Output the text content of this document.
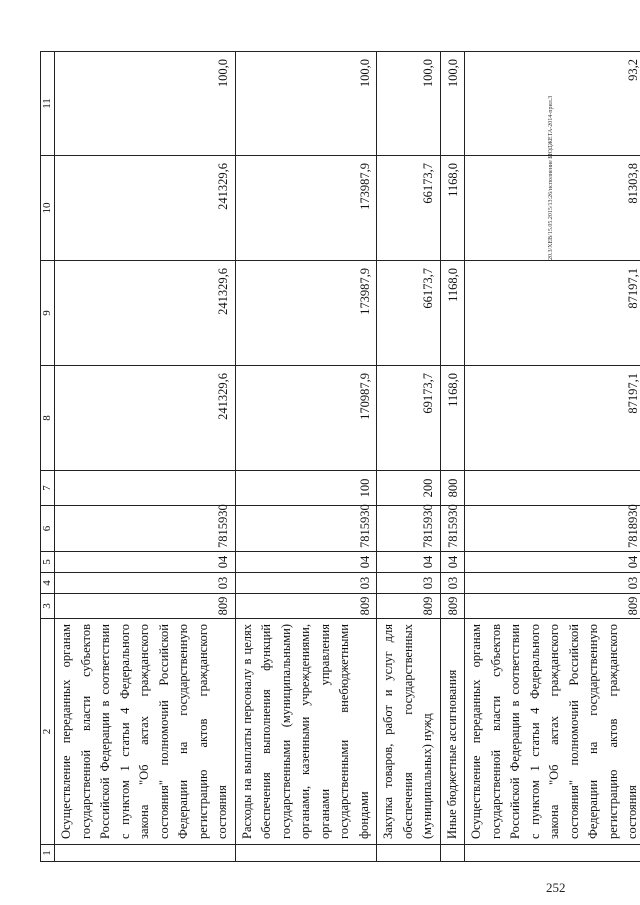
1	2	3	4	5	6	7	8	9	10	11
	Осуществление переданных органам государственной власти субъектов Российской Федерации в соответствии с пунктом 1 статьи 4 Федерального закона "Об актах гражданского состояния" полномочий Российской Федерации на государственную регистрацию актов гражданского состояния	809	03	04	7815930		241329,6	241329,6	241329,6	100,0
	Расходы на выплаты персоналу в целях обеспечения выполнения функций государственными (муниципальными) органами, казенными учреждениями, органами управления государственными внебюджетными фондами	809	03	04	7815930	100	170987,9	173987,9	173987,9	100,0
	Закупка товаров, работ и услуг для обеспечения государственных (муниципальных) нужд	809	03	04	7815930	200	69173,7	66173,7	66173,7	100,0
	Иные бюджетные ассигнования	809	03	04	7815930	800	1168,0	1168,0	1168,0	100,0
	Осуществление переданных органам государственной власти субъектов Российской Федерации в соответствии с пунктом 1 статьи 4 Федерального закона "Об актах гражданского состояния" полномочий Российской Федерации на государственную регистрацию актов гражданского состояния	809	03	04	7818930		87197,1	87197,1	81303,8	93,2
20.3/ХЕВ/15.05.2015/13:26/исполнение БЮДЖЕТА-2014-прил.3
252
